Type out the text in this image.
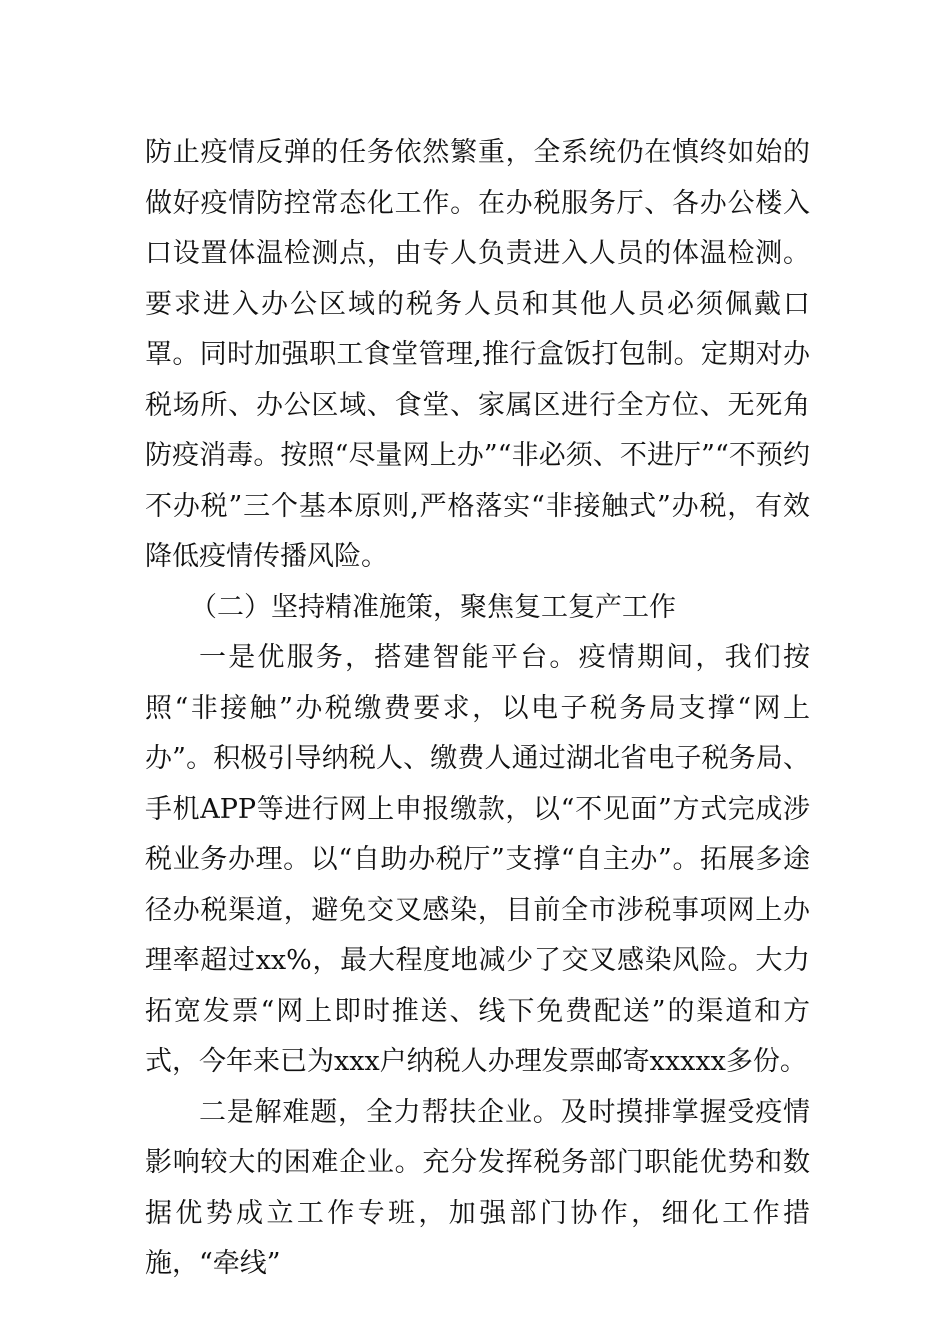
防止疫情反弹的任务依然繁重，全系统仍在慎终如始的做好疫情防控常态化工作。在办税服务厅、各办公楼入口设置体温检测点，由专人负责进入人员的体温检测。要求进入办公区域的税务人员和其他人员必须佩戴口罩。同时加强职工食堂管理,推行盒饭打包制。定期对办税场所、办公区域、食堂、家属区进行全方位、无死角防疫消毒。按照“尽量网上办”“非必须、不进厅”“不预约不办税”三个基本原则,严格落实“非接触式”办税，有效降低疫情传播风险。

（二）坚持精准施策，聚焦复工复产工作

一是优服务，搭建智能平台。疫情期间，我们按照“非接触”办税缴费要求，以电子税务局支撑“网上办”。积极引导纳税人、缴费人通过湖北省电子税务局、手机APP等进行网上申报缴款，以“不见面”方式完成涉税业务办理。以“自助办税厅”支撑“自主办”。拓展多途径办税渠道，避免交叉感染，目前全市涉税事项网上办理率超过xx%，最大程度地减少了交叉感染风险。大力拓宽发票“网上即时推送、线下免费配送”的渠道和方式，今年来已为xxx户纳税人办理发票邮寄xxxxx多份。

二是解难题，全力帮扶企业。及时摸排掌握受疫情影响较大的困难企业。充分发挥税务部门职能优势和数据优势成立工作专班，加强部门协作，细化工作措施，“牵线”
